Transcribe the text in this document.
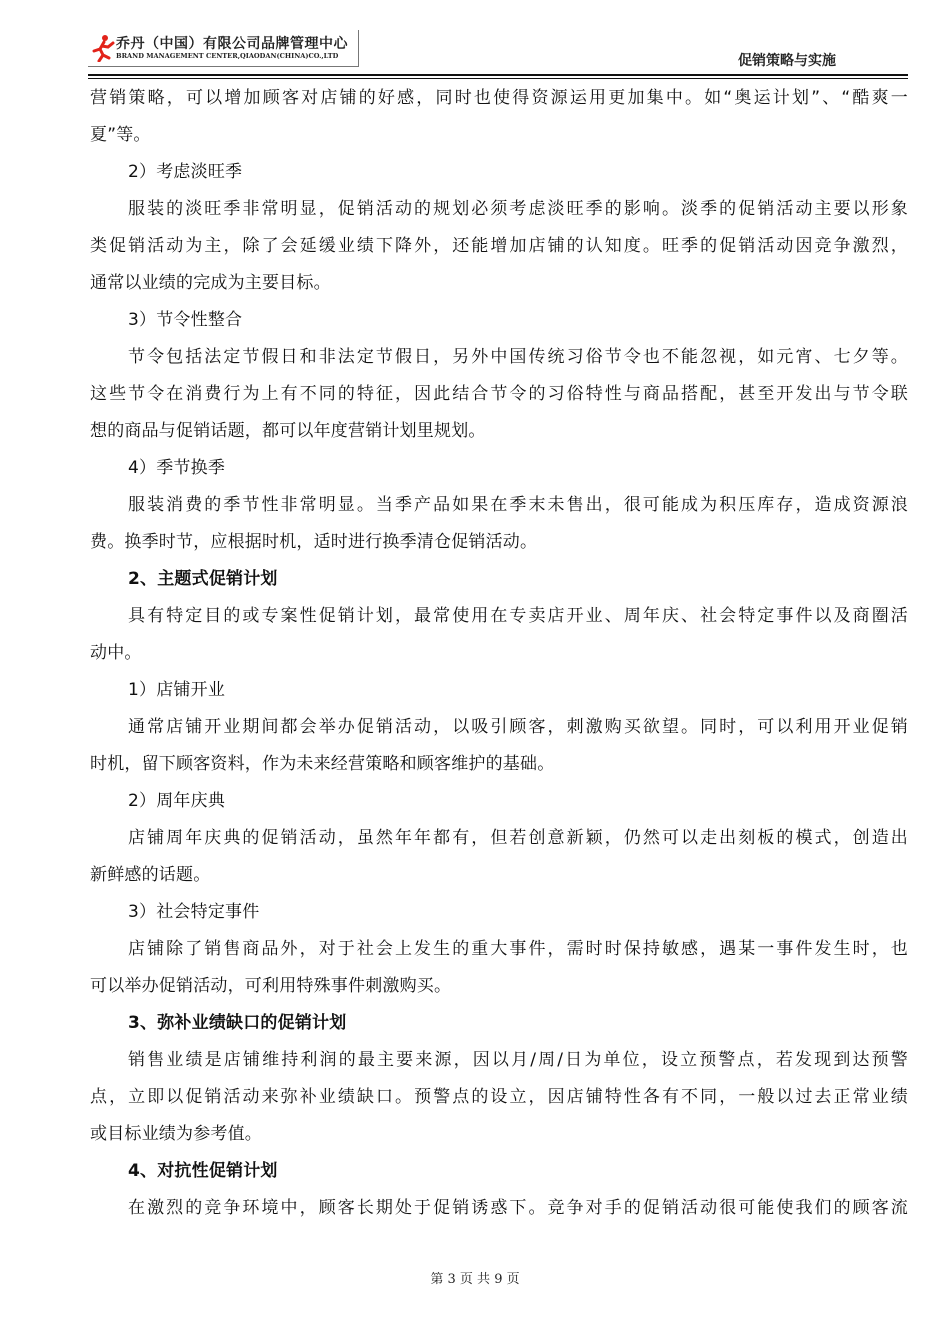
乔丹（中国）有限公司品牌管理中心
BRAND MANAGEMENT CENTER,QIAODAN(CHINA)CO.,LTD	促销策略与实施
营销策略，可以增加顾客对店铺的好感，同时也使得资源运用更加集中。如“奥运计划”、“酷爽一
夏”等。
2）考虑淡旺季
服装的淡旺季非常明显，促销活动的规划必须考虑淡旺季的影响。淡季的促销活动主要以形象
类促销活动为主，除了会延缓业绩下降外，还能增加店铺的认知度。旺季的促销活动因竞争激烈，
通常以业绩的完成为主要目标。
3）节令性整合
节令包括法定节假日和非法定节假日，另外中国传统习俗节令也不能忽视，如元宵、七夕等。
这些节令在消费行为上有不同的特征，因此结合节令的习俗特性与商品搭配，甚至开发出与节令联
想的商品与促销话题，都可以年度营销计划里规划。
4）季节换季
服装消费的季节性非常明显。当季产品如果在季末未售出，很可能成为积压库存，造成资源浪
费。换季时节，应根据时机，适时进行换季清仓促销活动。
2、主题式促销计划
具有特定目的或专案性促销计划，最常使用在专卖店开业、周年庆、社会特定事件以及商圈活
动中。
1）店铺开业
通常店铺开业期间都会举办促销活动，以吸引顾客，刺激购买欲望。同时，可以利用开业促销
时机，留下顾客资料，作为未来经营策略和顾客维护的基础。
2）周年庆典
店铺周年庆典的促销活动，虽然年年都有，但若创意新颖，仍然可以走出刻板的模式，创造出
新鲜感的话题。
3）社会特定事件
店铺除了销售商品外，对于社会上发生的重大事件，需时时保持敏感，遇某一事件发生时，也
可以举办促销活动，可利用特殊事件刺激购买。
3、弥补业绩缺口的促销计划
销售业绩是店铺维持利润的最主要来源，因以月/周/日为单位，设立预警点，若发现到达预警
点，立即以促销活动来弥补业绩缺口。预警点的设立，因店铺特性各有不同，一般以过去正常业绩
或目标业绩为参考值。
4、对抗性促销计划
在激烈的竞争环境中，顾客长期处于促销诱惑下。竞争对手的促销活动很可能使我们的顾客流
第 3 页 共 9 页
